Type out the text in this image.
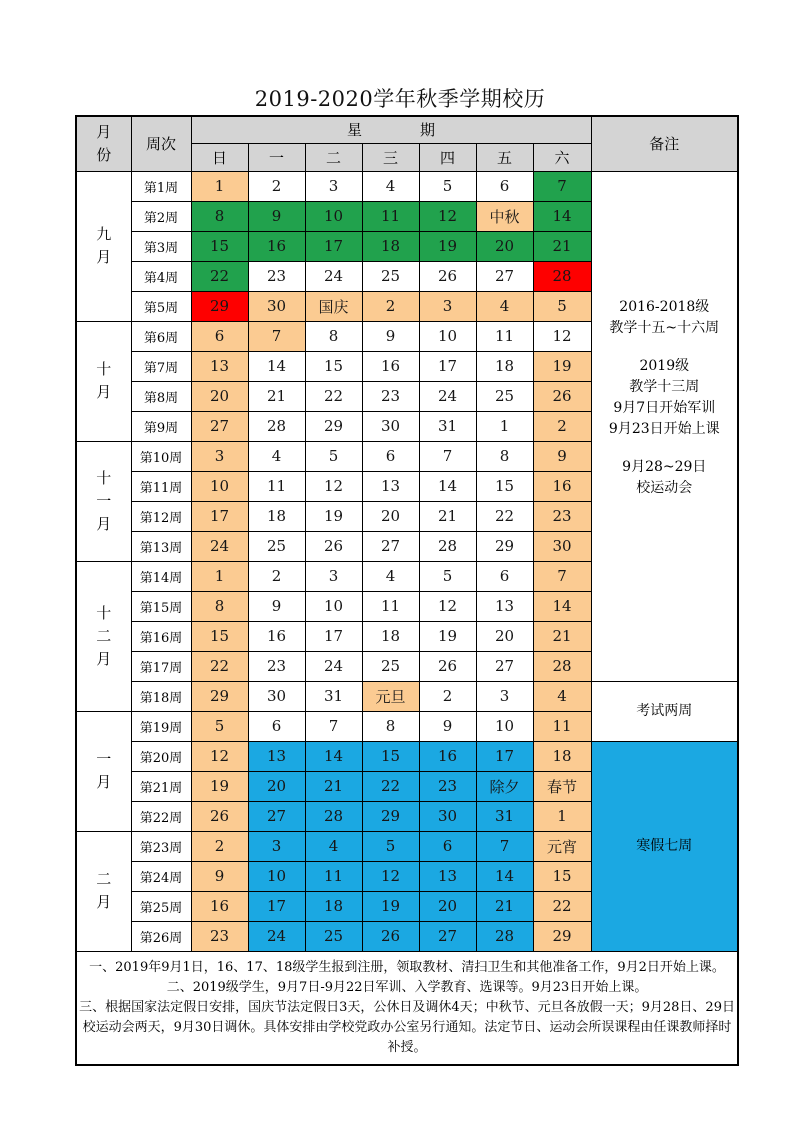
2019-2020学年秋季学期校历
月
份	周次	星期							备注
		日	一	二	三	四	五	六	

九
月
	第1周	1	2	3	4	5	6	7	
2016-2018级
教学十五~十六周
2019级
教学十三周
9月7日开始军训
9月23日开始上课
9月28~29日
校运动会

	第2周	8	9	10	11	12	中秋	14	
	第3周	15	16	17	18	19	20	21	
	第4周	22	23	24	25	26	27	28	
	第5周	29	30	国庆	2	3	4	5	

十
月	第6周	6	7	8	9	10	11	12	
	第7周	13	14	15	16	17	18	19	
	第8周	20	21	22	23	24	25	26	
	第9周	27	28	29	30	31	1	2	

十
一
月	第10周	3	4	5	6	7	8	9	
	第11周	10	11	12	13	14	15	16	
	第12周	17	18	19	20	21	22	23	
	第13周	24	25	26	27	28	29	30	

十
二
月	第14周	1	2	3	4	5	6	7	
	第15周	8	9	10	11	12	13	14	
	第16周	15	16	17	18	19	20	21	
	第17周	22	23	24	25	26	27	28	
	第18周	29	30	31	元旦	2	3	4	考试两周

一
月	第19周	5	6	7	8	9	10	11	
	第20周	12	13	14	15	16	17	18	寒假七周

	第21周	19	20	21	22	23	除夕	春节	
	第22周	26	27	28	29	30	31	1	

二
月	第23周	2	3	4	5	6	7	元宵	
	第24周	9	10	11	12	13	14	15	
	第25周	16	17	18	19	20	21	22	
	第26周	23	24	25	26	27	28	29	

一、2019年9月1日，16、17、18级学生报到注册，领取教材、清扫卫生和其他准备工作，9月2日开始上课。

二、2019级学生，9月7日-9月22日军训、入学教育、选课等。9月23日开始上课。

三、根据国家法定假日安排，国庆节法定假日3天，公休日及调休4天；中秋节、元旦各放假一天；9月28日、29日校运动会两天，9月30日调休。具体安排由学校党政办公室另行通知。法定节日、运动会所误课程由任课教师择时补授。									
